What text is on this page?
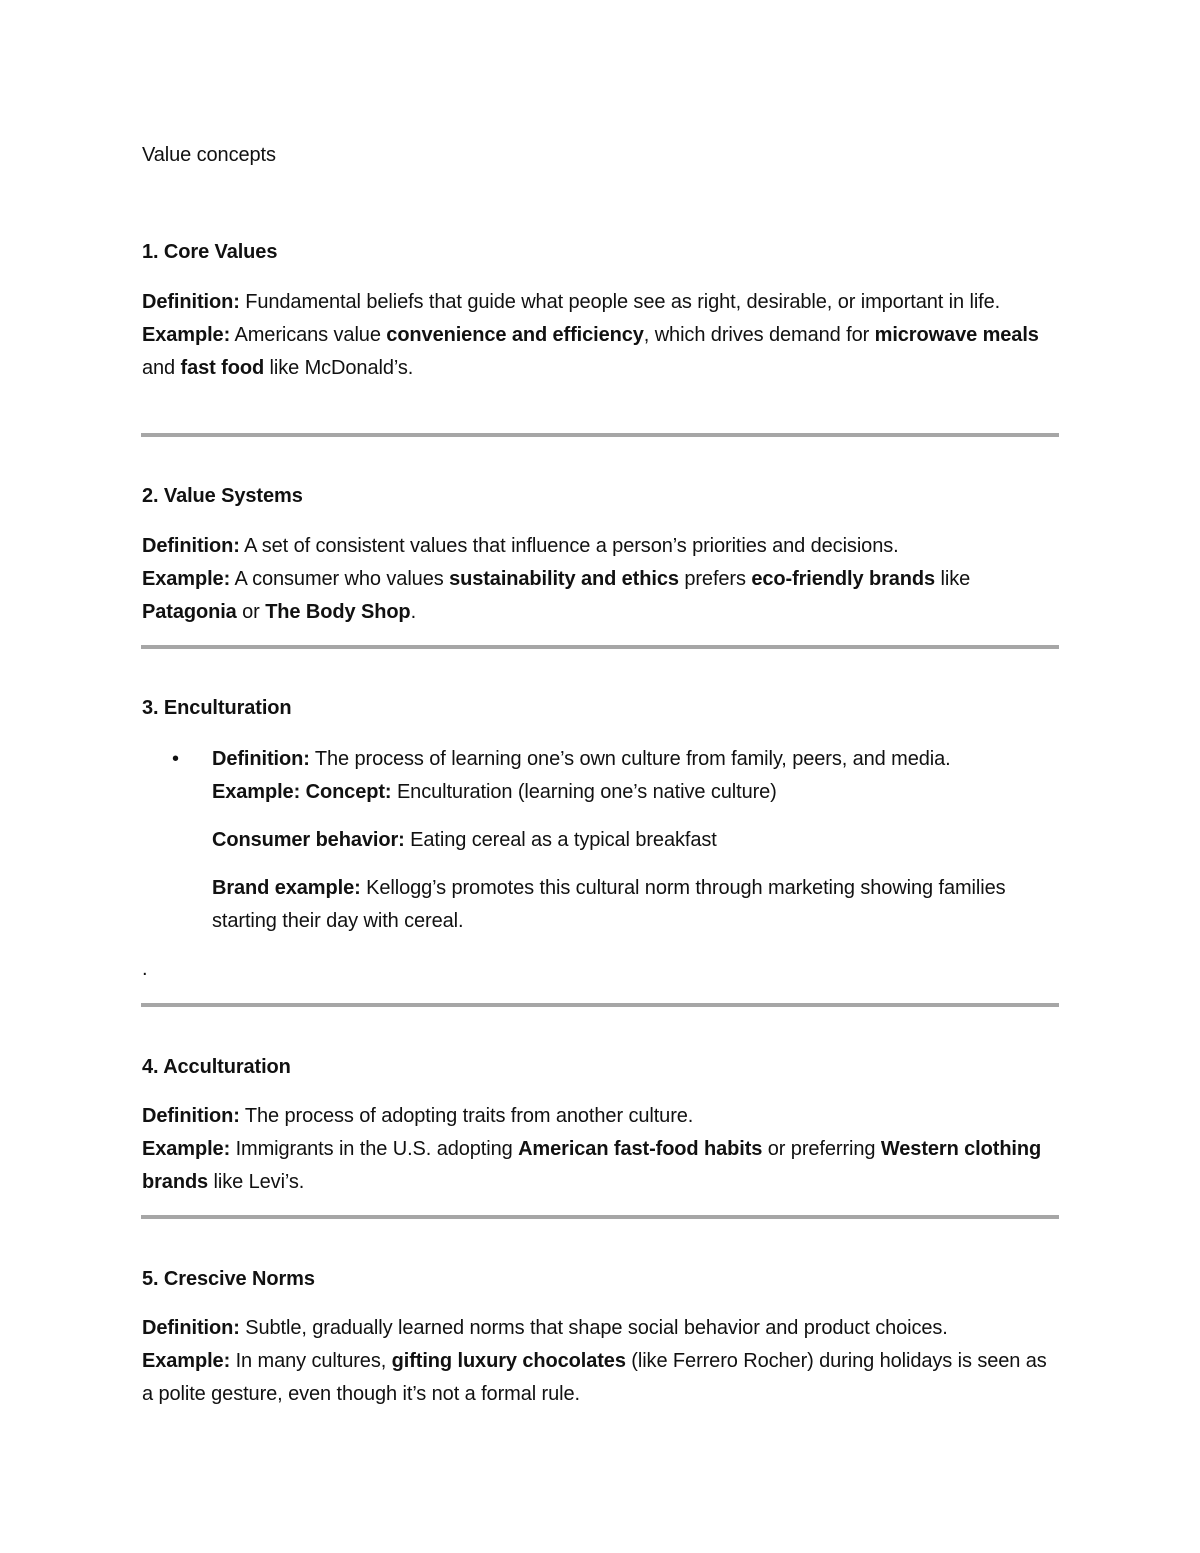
Value concepts

1. Core Values

Definition: Fundamental beliefs that guide what people see as right, desirable, or important in life.
Example: Americans value convenience and efficiency, which drives demand for microwave meals and fast food like McDonald’s.

2. Value Systems

Definition: A set of consistent values that influence a person’s priorities and decisions.
Example: A consumer who values sustainability and ethics prefers eco-friendly brands like Patagonia or The Body Shop.

3. Enculturation

• Definition: The process of learning one’s own culture from family, peers, and media.
Example: Concept: Enculturation (learning one’s native culture)

Consumer behavior: Eating cereal as a typical breakfast

Brand example: Kellogg’s promotes this cultural norm through marketing showing families starting their day with cereal.

.

4. Acculturation

Definition: The process of adopting traits from another culture.
Example: Immigrants in the U.S. adopting American fast-food habits or preferring Western clothing brands like Levi’s.

5. Crescive Norms

Definition: Subtle, gradually learned norms that shape social behavior and product choices.
Example: In many cultures, gifting luxury chocolates (like Ferrero Rocher) during holidays is seen as a polite gesture, even though it’s not a formal rule.
